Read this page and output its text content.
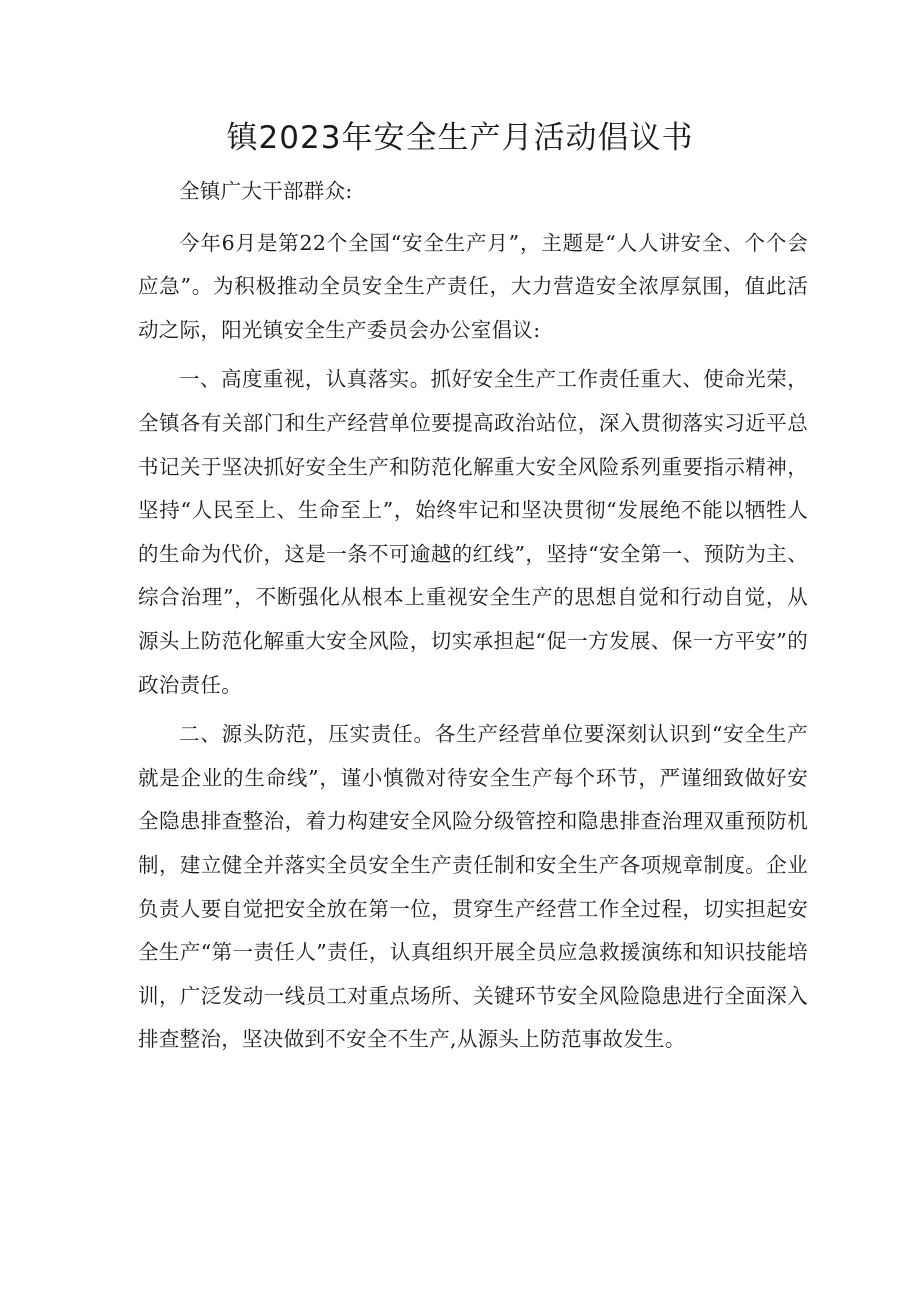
镇2023年安全生产月活动倡议书

全镇广大干部群众:

今年6月是第22个全国“安全生产月”，主题是“人人讲安全、个个会应急”。为积极推动全员安全生产责任，大力营造安全浓厚氛围，值此活动之际，阳光镇安全生产委员会办公室倡议:

一、高度重视，认真落实。抓好安全生产工作责任重大、使命光荣，全镇各有关部门和生产经营单位要提高政治站位，深入贯彻落实习近平总书记关于坚决抓好安全生产和防范化解重大安全风险系列重要指示精神，坚持“人民至上、生命至上”，始终牢记和坚决贯彻“发展绝不能以牺牲人的生命为代价，这是一条不可逾越的红线”，坚持“安全第一、预防为主、综合治理”，不断强化从根本上重视安全生产的思想自觉和行动自觉，从源头上防范化解重大安全风险，切实承担起“促一方发展、保一方平安”的政治责任。

二、源头防范，压实责任。各生产经营单位要深刻认识到“安全生产就是企业的生命线”，谨小慎微对待安全生产每个环节，严谨细致做好安全隐患排查整治，着力构建安全风险分级管控和隐患排查治理双重预防机制，建立健全并落实全员安全生产责任制和安全生产各项规章制度。企业负责人要自觉把安全放在第一位，贯穿生产经营工作全过程，切实担起安全生产“第一责任人”责任，认真组织开展全员应急救援演练和知识技能培训，广泛发动一线员工对重点场所、关键环节安全风险隐患进行全面深入排查整治，坚决做到不安全不生产,从源头上防范事故发生。
